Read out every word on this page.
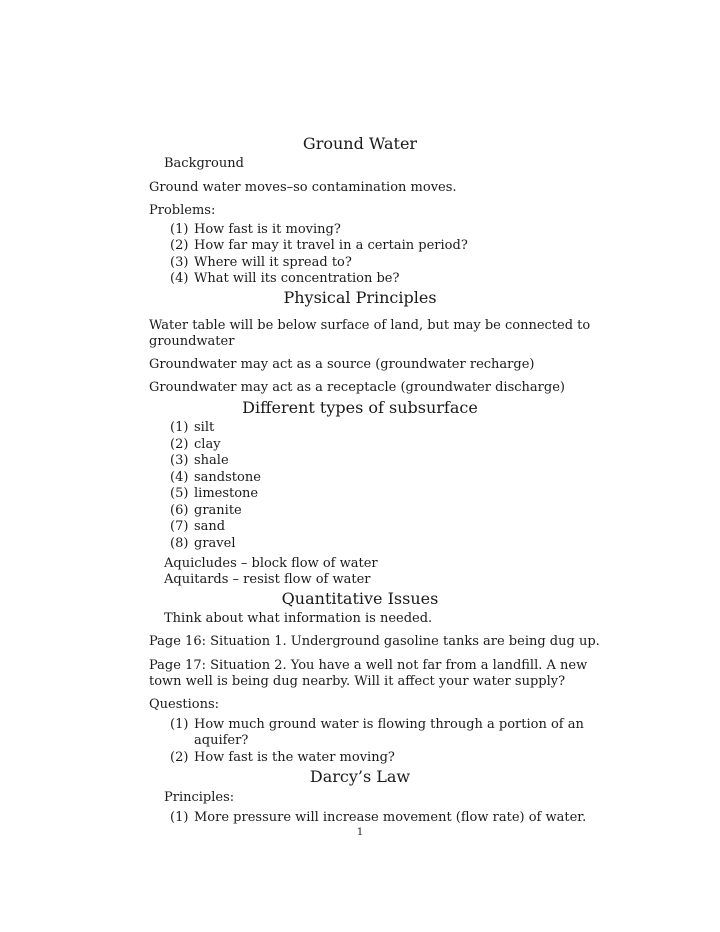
Ground Water
Background
Ground water moves–so contamination moves.
Problems:
(1) How fast is it moving?
(2) How far may it travel in a certain period?
(3) Where will it spread to?
(4) What will its concentration be?
Physical Principles
Water table will be below surface of land, but may be connected to
groundwater
Groundwater may act as a source (groundwater recharge)
Groundwater may act as a receptacle (groundwater discharge)
Different types of subsurface
(1) silt
(2) clay
(3) shale
(4) sandstone
(5) limestone
(6) granite
(7) sand
(8) gravel
Aquicludes – block flow of water
Aquitards – resist flow of water
Quantitative Issues
Think about what information is needed.
Page 16: Situation 1. Underground gasoline tanks are being dug up.
Page 17: Situation 2. You have a well not far from a landfill. A new
town well is being dug nearby. Will it affect your water supply?
Questions:
(1) How much ground water is flowing through a portion of an
aquifer?
(2) How fast is the water moving?
Darcy’s Law
Principles:
(1) More pressure will increase movement (flow rate) of water.
1
